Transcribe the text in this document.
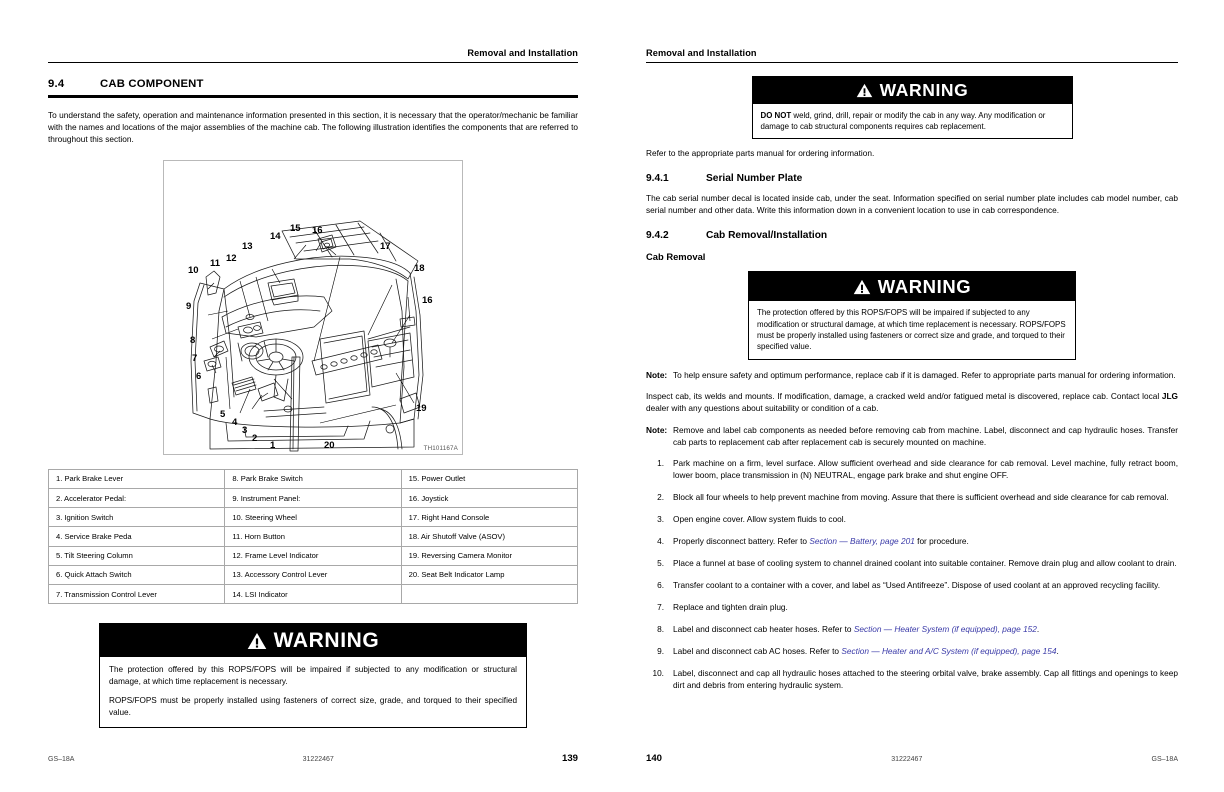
Removal and Installation
9.4	CAB COMPONENT

To understand the safety, operation and maintenance information presented in this section, it is necessary that the operator/mechanic be familiar with the names and locations of the major assemblies of the machine cab. The following illustration identifies the components that are referred to throughout this section.

1
2
3
4
5
6
7
8
9
10
11 12
13
14
15 16
16
17
18
19
20	TH101167A
1. Park Brake Lever	8. Park Brake Switch	15. Power Outlet
2. Accelerator Pedal:	9. Instrument Panel:	16. Joystick
3. Ignition Switch	10. Steering Wheel	17. Right Hand Console
4. Service Brake Peda	11. Horn Button	18. Air Shutoff Valve (ASOV)
5. Tilt Steering Column	12. Frame Level Indicator	19. Reversing Camera Monitor
6. Quick Attach Switch	13. Accessory Control Lever	20. Seat Belt Indicator Lamp
7. Transmission Control Lever	14. LSI Indicator	
WARNING

The protection offered by this ROPS/FOPS will be impaired if subjected to any modification or structural damage, at which time replacement is necessary.

ROPS/FOPS must be properly installed using fasteners of correct size, grade, and torqued to their specified value.

GS–18A	31222467	139
Removal and Installation
WARNING

DO NOT weld, grind, drill, repair or modify the cab in any way. Any modification or damage to cab structural components requires cab replacement.

Refer to the appropriate parts manual for ordering information.

9.4.1	Serial Number Plate

The cab serial number decal is located inside cab, under the seat. Information specified on serial number plate includes cab model number, cab serial number and other data. Write this information down in a convenient location to use in cab correspondence.

9.4.2	Cab Removal/Installation
Cab Removal
WARNING

The protection offered by this ROPS/FOPS will be impaired if subjected to any modification or structural damage, at which time replacement is necessary. ROPS/FOPS must be properly installed using fasteners or correct size and grade, and torqued to their specified value.

Note: To help ensure safety and optimum performance, replace cab if it is damaged. Refer to appropriate parts manual for ordering information.

Inspect cab, its welds and mounts. If modification, damage, a cracked weld and/or fatigued metal is discovered, replace cab. Contact local JLG dealer with any questions about suitability or condition of a cab.

Note: Remove and label cab components as needed before removing cab from machine. Label, disconnect and cap hydraulic hoses. Transfer cab parts to replacement cab after replacement cab is securely mounted on machine.
1.	Park machine on a firm, level surface. Allow sufficient overhead and side clearance for cab removal. Level machine, fully retract boom, lower boom, place transmission in (N) NEUTRAL, engage park brake and shut engine OFF.
2.	Block all four wheels to help prevent machine from moving. Assure that there is sufficient overhead and side clearance for cab removal.
3.	Open engine cover. Allow system fluids to cool.
4.	Properly disconnect battery. Refer to Section — Battery, page 201 for procedure.
5.	Place a funnel at base of cooling system to channel drained coolant into suitable container. Remove drain plug and allow coolant to drain.
6.	Transfer coolant to a container with a cover, and label as “Used Antifreeze”. Dispose of used coolant at an approved recycling facility.
7.	Replace and tighten drain plug.
8.	Label and disconnect cab heater hoses. Refer to Section — Heater System (if equipped), page 152.
9.	Label and disconnect cab AC hoses. Refer to Section — Heater and A/C System (if equipped), page 154.
10.	Label, disconnect and cap all hydraulic hoses attached to the steering orbital valve, brake assembly. Cap all fittings and openings to keep dirt and debris from entering hydraulic system.
140	31222467	GS–18A
